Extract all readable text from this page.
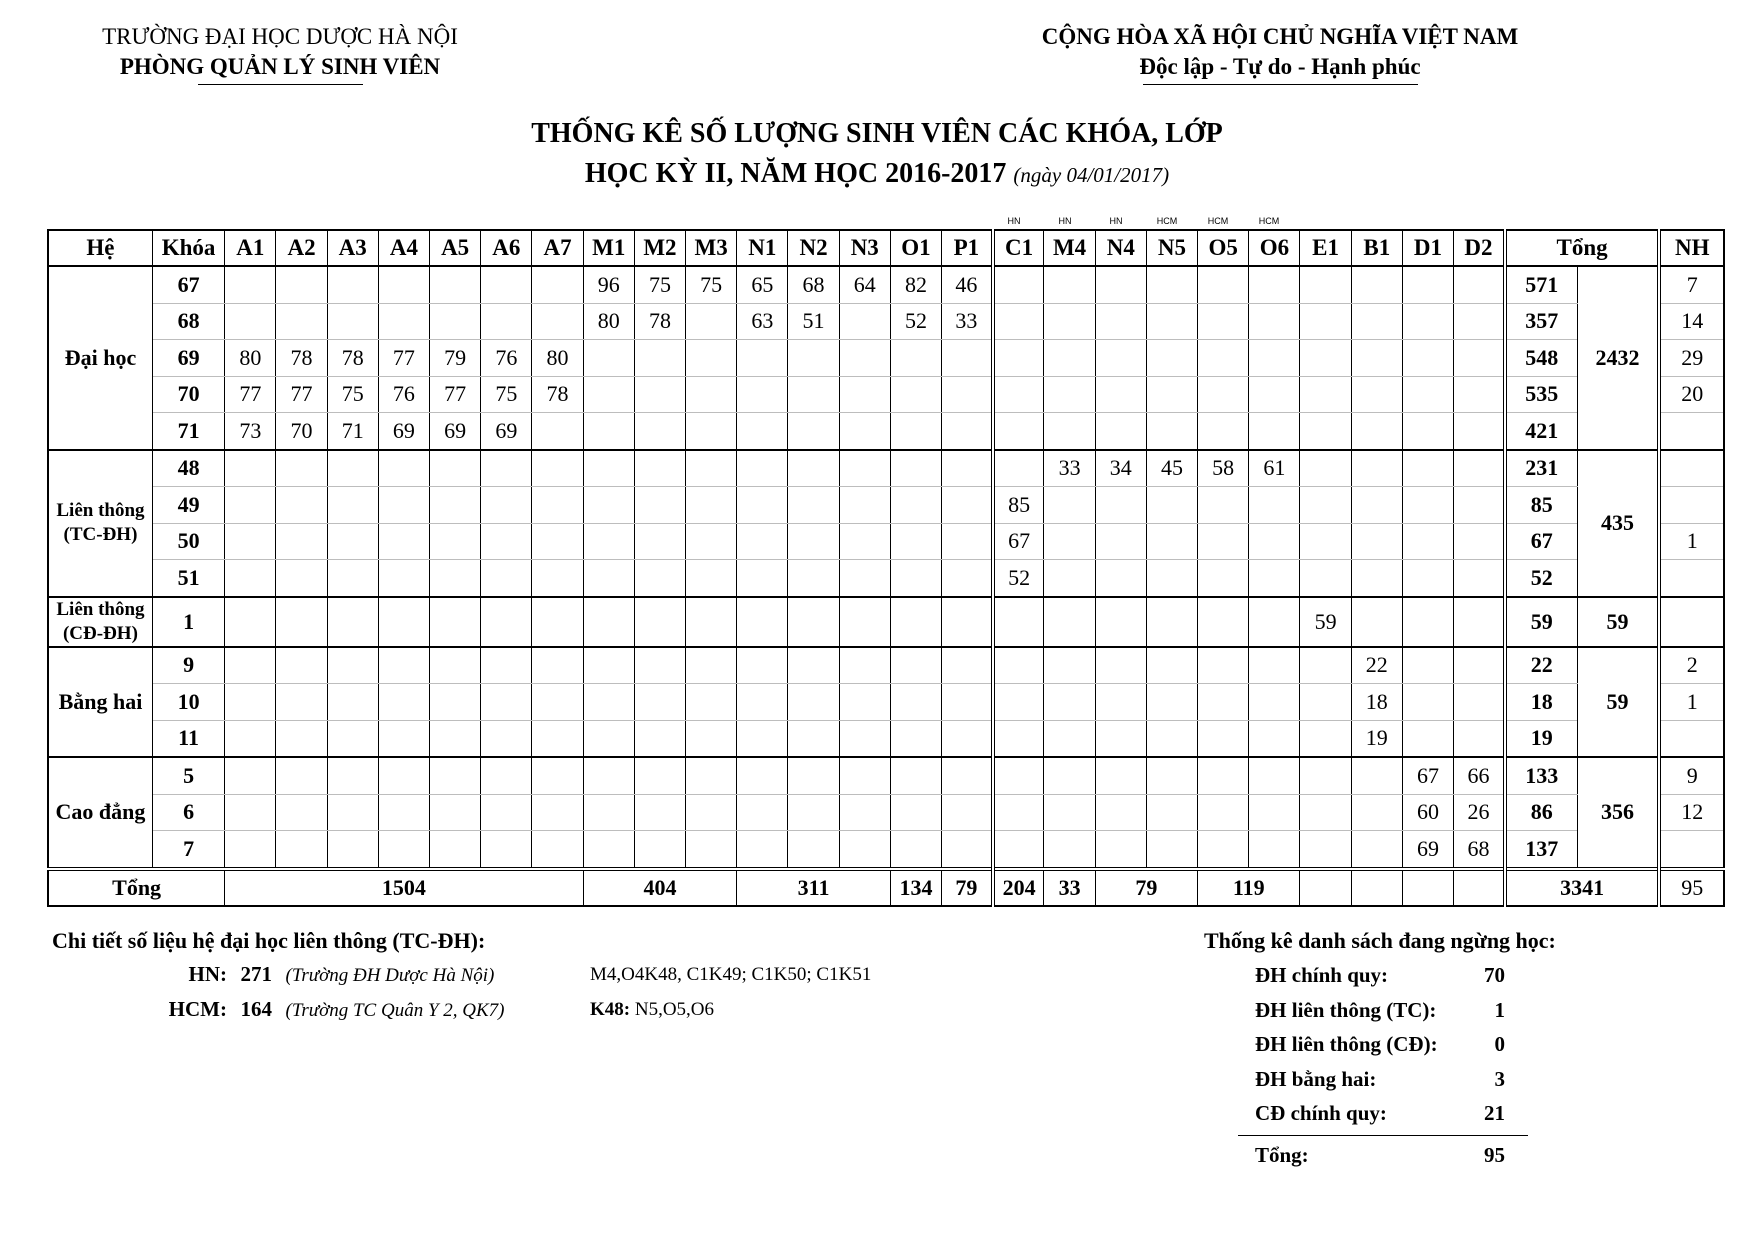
TRƯỜNG ĐẠI HỌC DƯỢC HÀ NỘI
PHÒNG QUẢN LÝ SINH VIÊN
CỘNG HÒA XÃ HỘI CHỦ NGHĨA VIỆT NAM
Độc lập - Tự do - Hạnh phúc
THỐNG KÊ SỐ LƯỢNG SINH VIÊN CÁC KHÓA, LỚP
HỌC KỲ II, NĂM HỌC 2016-2017 (ngày 04/01/2017)
HN	HN	HN	HCM	HCM	HCM
Hệ	Khóa	A1	A2	A3	A4	A5	A6	A7	M1	M2	M3	N1	N2	N3	O1	P1	C1	M4	N4	N5	O5	O6	E1	B1	D1	D2	Tổng		NH
Đại học	67								96	75	75	65	68	64	82	46											571	2432	7
	68								80	78		63	51		52	33											357		14
	69	80	78	78	77	79	76	80																			548		29
	70	77	77	75	76	77	75	78																			535		20
	71	73	70	71	69	69	69																				421		
Liên thông (TC-ĐH)	48																	33	34	45	58	61					231	435	
	49																85										85		
	50																67										67		1
	51																52										52		
Liên thông (CĐ-ĐH)	1																						59				59	59	
Bằng hai	9																							22			22	59	2
	10																							18			18		1
	11																							19			19		
Cao đẳng	5																								67	66	133	356	9
	6																								60	26	86		12
	7																								69	68	137		
Tổng		1504							404			311			134	79	204	33	79		119						3341		95
Chi tiết số liệu hệ đại học liên thông (TC-ĐH):
HN: 271 (Trường ĐH Dược Hà Nội)	M4,O4K48, C1K49; C1K50; C1K51
HCM: 164 (Trường TC Quân Y 2, QK7)	K48: N5,O5,O6
Thống kê danh sách đang ngừng học:
ĐH chính quy:	70
ĐH liên thông (TC):	1
ĐH liên thông (CĐ):	0
ĐH bằng hai:	3
CĐ chính quy:	21
Tổng:	95
